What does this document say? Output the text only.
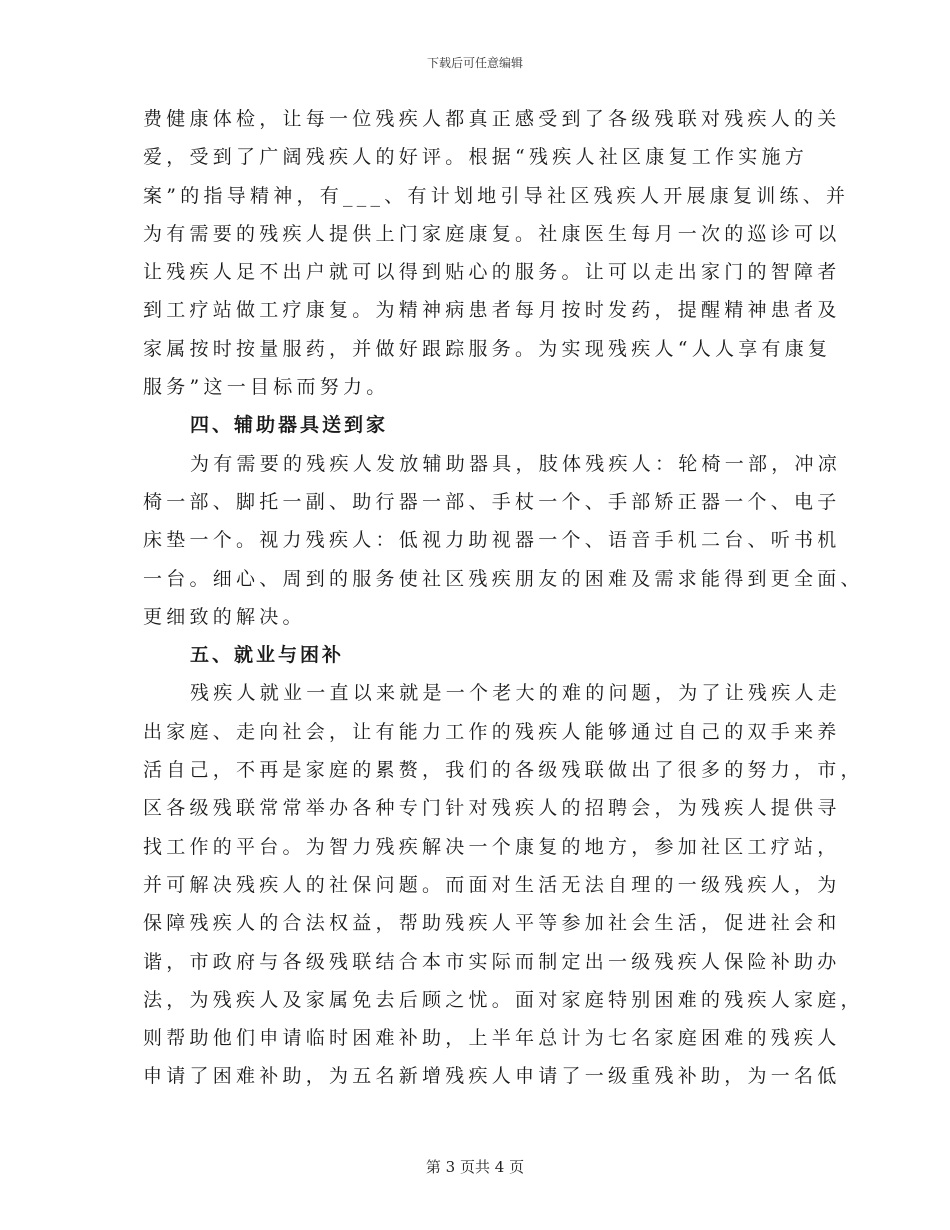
下载后可任意编辑
费健康体检，让每一位残疾人都真正感受到了各级残联对残疾人的关
爱，受到了广阔残疾人的好评。根据“残疾人社区康复工作实施方
案”的指导精神，有___、有计划地引导社区残疾人开展康复训练、并
为有需要的残疾人提供上门家庭康复。社康医生每月一次的巡诊可以
让残疾人足不出户就可以得到贴心的服务。让可以走出家门的智障者
到工疗站做工疗康复。为精神病患者每月按时发药，提醒精神患者及
家属按时按量服药，并做好跟踪服务。为实现残疾人“人人享有康复
服务”这一目标而努力。
四、辅助器具送到家
为有需要的残疾人发放辅助器具，肢体残疾人：轮椅一部，冲凉
椅一部、脚托一副、助行器一部、手杖一个、手部矫正器一个、电子
床垫一个。视力残疾人：低视力助视器一个、语音手机二台、听书机
一台。细心、周到的服务使社区残疾朋友的困难及需求能得到更全面、
更细致的解决。
五、就业与困补
残疾人就业一直以来就是一个老大的难的问题，为了让残疾人走
出家庭、走向社会，让有能力工作的残疾人能够通过自己的双手来养
活自己，不再是家庭的累赘，我们的各级残联做出了很多的努力，市，
区各级残联常常举办各种专门针对残疾人的招聘会，为残疾人提供寻
找工作的平台。为智力残疾解决一个康复的地方，参加社区工疗站，
并可解决残疾人的社保问题。而面对生活无法自理的一级残疾人，为
保障残疾人的合法权益，帮助残疾人平等参加社会生活，促进社会和
谐，市政府与各级残联结合本市实际而制定出一级残疾人保险补助办
法，为残疾人及家属免去后顾之忧。面对家庭特别困难的残疾人家庭，
则帮助他们申请临时困难补助，上半年总计为七名家庭困难的残疾人
申请了困难补助，为五名新增残疾人申请了一级重残补助，为一名低
第 3 页共 4 页
